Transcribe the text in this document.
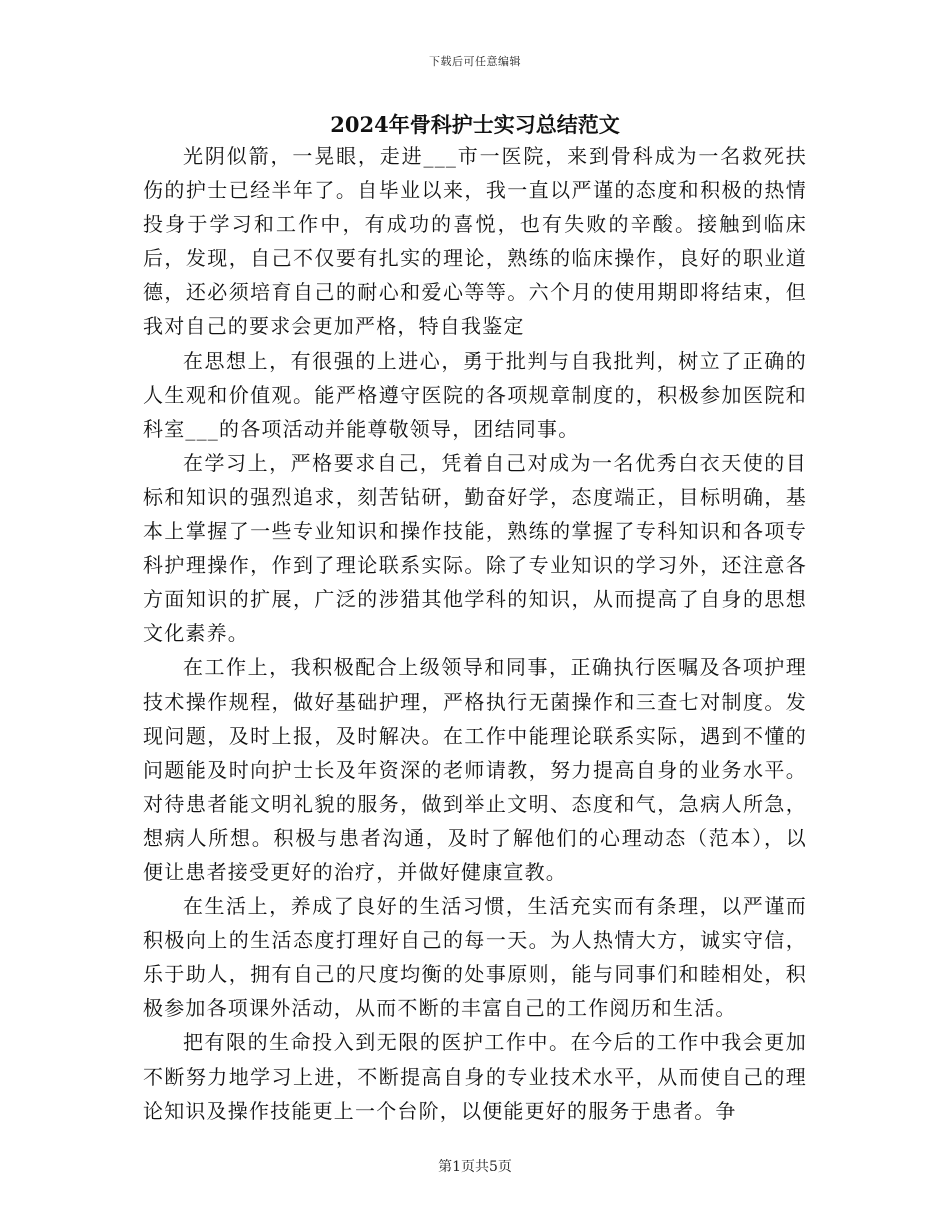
下载后可任意编辑
2024年骨科护士实习总结范文

光阴似箭，一晃眼，走进___市一医院，来到骨科成为一名救死扶伤的护士已经半年了。自毕业以来，我一直以严谨的态度和积极的热情投身于学习和工作中，有成功的喜悦，也有失败的辛酸。接触到临床后，发现，自己不仅要有扎实的理论，熟练的临床操作，良好的职业道德，还必须培育自己的耐心和爱心等等。六个月的使用期即将结束，但我对自己的要求会更加严格，特自我鉴定

在思想上，有很强的上进心，勇于批判与自我批判，树立了正确的人生观和价值观。能严格遵守医院的各项规章制度的，积极参加医院和科室___的各项活动并能尊敬领导，团结同事。

在学习上，严格要求自己，凭着自己对成为一名优秀白衣天使的目标和知识的强烈追求，刻苦钻研，勤奋好学，态度端正，目标明确，基本上掌握了一些专业知识和操作技能，熟练的掌握了专科知识和各项专科护理操作，作到了理论联系实际。除了专业知识的学习外，还注意各方面知识的扩展，广泛的涉猎其他学科的知识，从而提高了自身的思想文化素养。

在工作上，我积极配合上级领导和同事，正确执行医嘱及各项护理技术操作规程，做好基础护理，严格执行无菌操作和三查七对制度。发现问题，及时上报，及时解决。在工作中能理论联系实际，遇到不懂的问题能及时向护士长及年资深的老师请教，努力提高自身的业务水平。对待患者能文明礼貌的服务，做到举止文明、态度和气，急病人所急，想病人所想。积极与患者沟通，及时了解他们的心理动态（范本），以便让患者接受更好的治疗，并做好健康宣教。

在生活上，养成了良好的生活习惯，生活充实而有条理，以严谨而积极向上的生活态度打理好自己的每一天。为人热情大方，诚实守信，乐于助人，拥有自己的尺度均衡的处事原则，能与同事们和睦相处，积极参加各项课外活动，从而不断的丰富自己的工作阅历和生活。

把有限的生命投入到无限的医护工作中。在今后的工作中我会更加不断努力地学习上进，不断提高自身的专业技术水平，从而使自己的理论知识及操作技能更上一个台阶，以便能更好的服务于患者。争

第1页共5页
